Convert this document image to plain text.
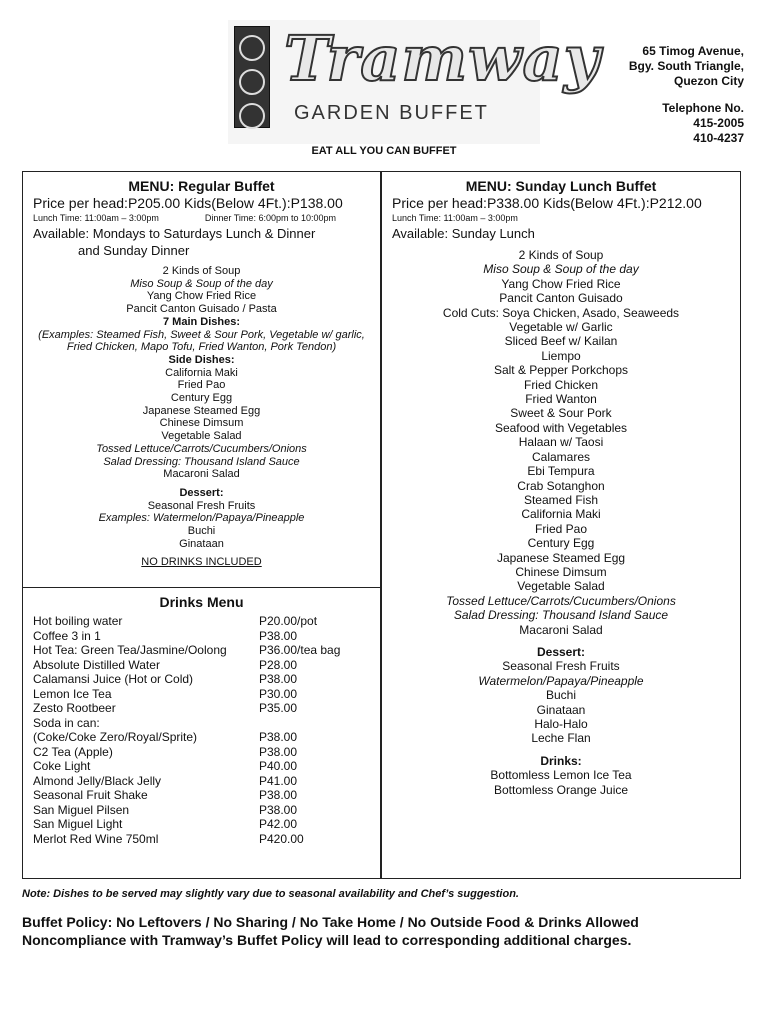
Tramway
GARDEN BUFFET
65 Timog Avenue,
Bgy. South Triangle,
Quezon City
Telephone No.
415-2005
410-4237
EAT ALL YOU CAN BUFFET
MENU: Regular Buffet
Price per head:P205.00 Kids(Below 4Ft.):P138.00
Lunch Time: 11:00am – 3:00pm	Dinner Time: 6:00pm to 10:00pm
Available: Mondays to Saturdays Lunch & Dinner
and Sunday Dinner
2 Kinds of Soup
Miso Soup & Soup of the day
Yang Chow Fried Rice
Pancit Canton Guisado / Pasta
7 Main Dishes:
(Examples: Steamed Fish, Sweet & Sour Pork, Vegetable w/ garlic,
Fried Chicken, Mapo Tofu, Fried Wanton, Pork Tendon)
Side Dishes:
California Maki
Fried Pao
Century Egg
Japanese Steamed Egg
Chinese Dimsum
Vegetable Salad
Tossed Lettuce/Carrots/Cucumbers/Onions
Salad Dressing: Thousand Island Sauce
Macaroni Salad
Dessert:
Seasonal Fresh Fruits
Examples: Watermelon/Papaya/Pineapple
Buchi
Ginataan
NO DRINKS INCLUDED
Drinks Menu
Hot boiling water	P20.00/pot
Coffee 3 in 1	P38.00
Hot Tea: Green Tea/Jasmine/Oolong	P36.00/tea bag
Absolute Distilled Water	P28.00
Calamansi Juice (Hot or Cold)	P38.00
Lemon Ice Tea	P30.00
Zesto Rootbeer	P35.00
Soda in can:
(Coke/Coke Zero/Royal/Sprite)	P38.00
C2 Tea (Apple)	P38.00
Coke Light	P40.00
Almond Jelly/Black Jelly	P41.00
Seasonal Fruit Shake	P38.00
San Miguel Pilsen	P38.00
San Miguel Light	P42.00
Merlot Red Wine 750ml	P420.00
MENU: Sunday Lunch Buffet
Price per head:P338.00 Kids(Below 4Ft.):P212.00
Lunch Time: 11:00am – 3:00pm
Available: Sunday Lunch
2 Kinds of Soup
Miso Soup & Soup of the day
Yang Chow Fried Rice
Pancit Canton Guisado
Cold Cuts: Soya Chicken, Asado, Seaweeds
Vegetable w/ Garlic
Sliced Beef w/ Kailan
Liempo
Salt & Pepper Porkchops
Fried Chicken
Fried Wanton
Sweet & Sour Pork
Seafood with Vegetables
Halaan w/ Taosi
Calamares
Ebi Tempura
Crab Sotanghon
Steamed Fish
California Maki
Fried Pao
Century Egg
Japanese Steamed Egg
Chinese Dimsum
Vegetable Salad
Tossed Lettuce/Carrots/Cucumbers/Onions
Salad Dressing: Thousand Island Sauce
Macaroni Salad
Dessert:
Seasonal Fresh Fruits
Watermelon/Papaya/Pineapple
Buchi
Ginataan
Halo-Halo
Leche Flan
Drinks:
Bottomless Lemon Ice Tea
Bottomless Orange Juice
Note: Dishes to be served may slightly vary due to seasonal availability and Chef’s suggestion.
Buffet Policy: No Leftovers / No Sharing / No Take Home / No Outside Food & Drinks Allowed
Noncompliance with Tramway’s Buffet Policy will lead to corresponding additional charges.
